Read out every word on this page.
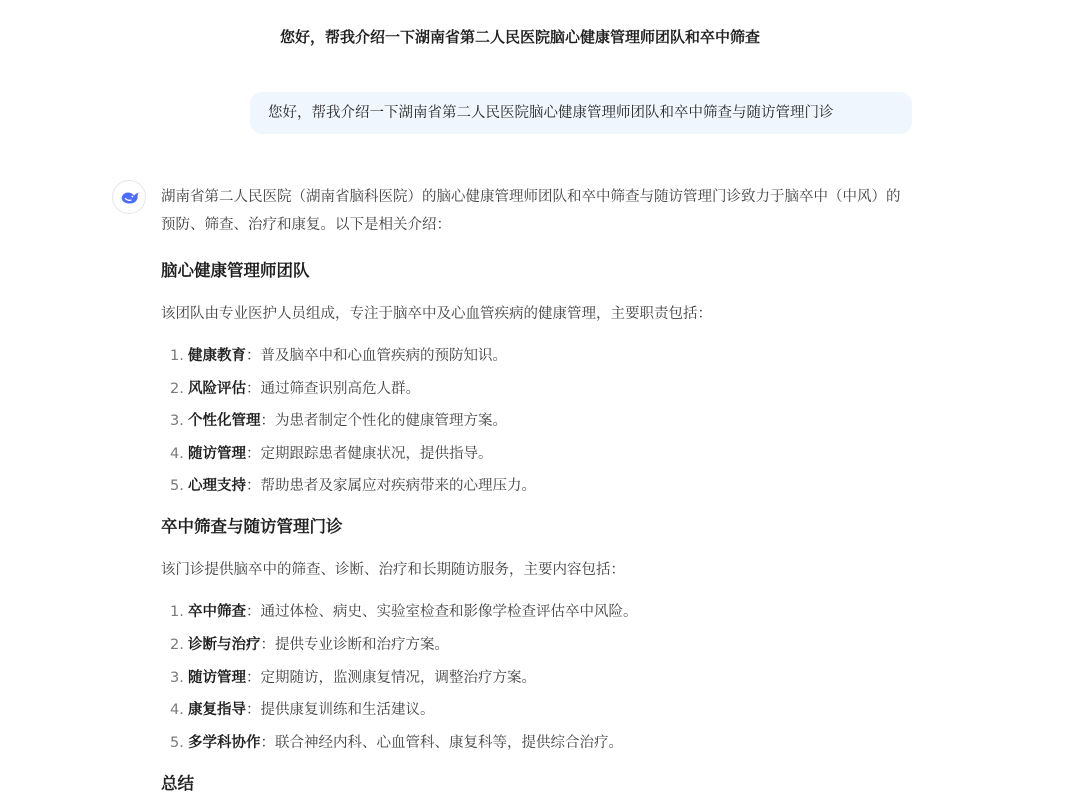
您好，帮我介绍一下湖南省第二人民医院脑心健康管理师团队和卒中筛查
您好，帮我介绍一下湖南省第二人民医院脑心健康管理师团队和卒中筛查与随访管理门诊

湖南省第二人民医院（湖南省脑科医院）的脑心健康管理师团队和卒中筛查与随访管理门诊致力于脑卒中（中风）的预防、筛查、治疗和康复。以下是相关介绍：

脑心健康管理师团队

该团队由专业医护人员组成，专注于脑卒中及心血管疾病的健康管理，主要职责包括：

1. 健康教育：普及脑卒中和心血管疾病的预防知识。
2. 风险评估：通过筛查识别高危人群。
3. 个性化管理：为患者制定个性化的健康管理方案。
4. 随访管理：定期跟踪患者健康状况，提供指导。
5. 心理支持：帮助患者及家属应对疾病带来的心理压力。
卒中筛查与随访管理门诊

该门诊提供脑卒中的筛查、诊断、治疗和长期随访服务，主要内容包括：

1. 卒中筛查：通过体检、病史、实验室检查和影像学检查评估卒中风险。
2. 诊断与治疗：提供专业诊断和治疗方案。
3. 随访管理：定期随访，监测康复情况，调整治疗方案。
4. 康复指导：提供康复训练和生活建议。
5. 多学科协作：联合神经内科、心血管科、康复科等，提供综合治疗。
总结
